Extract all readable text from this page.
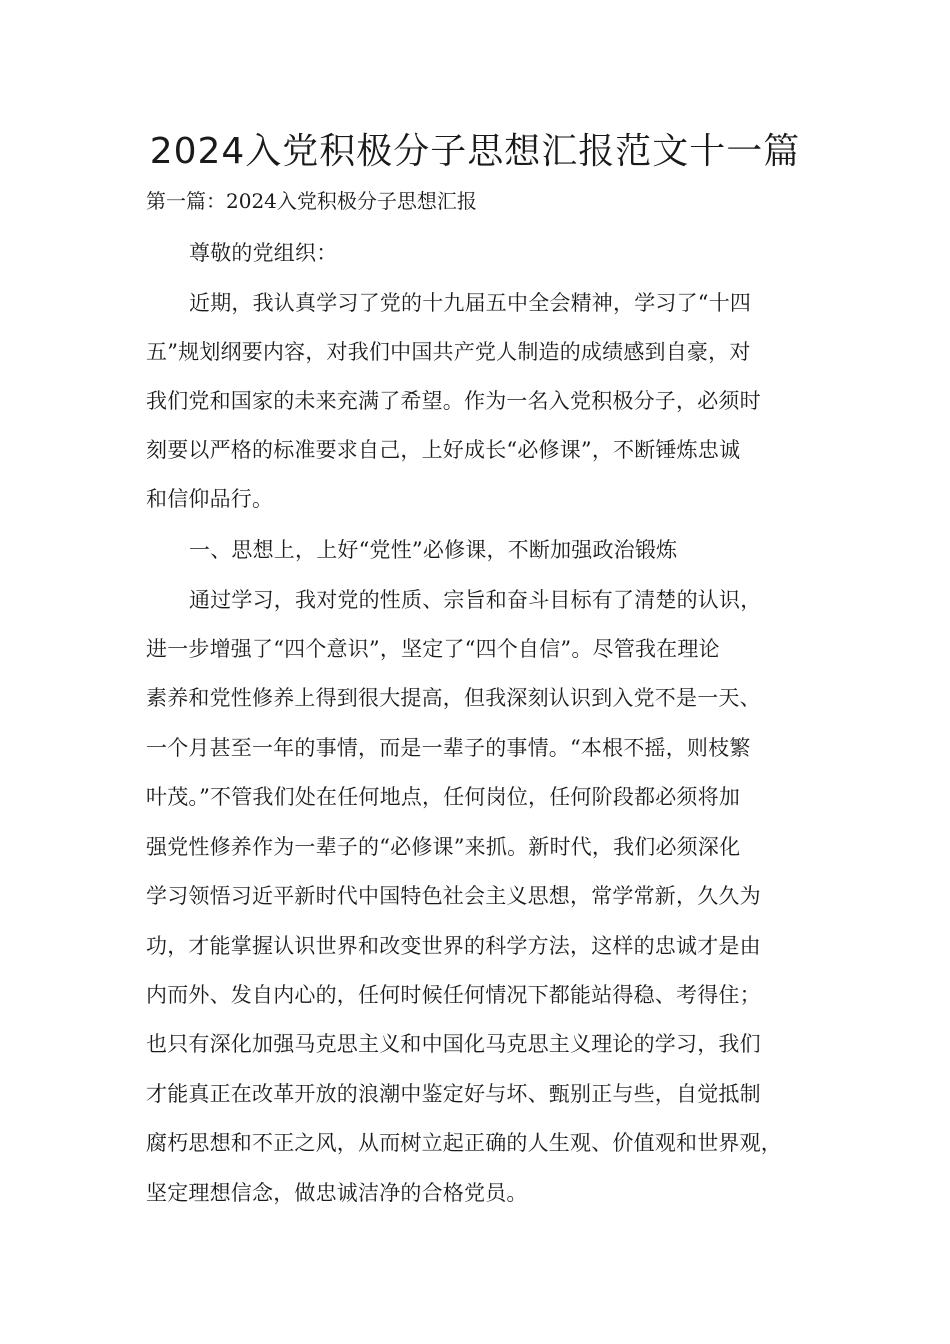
2024入党积极分子思想汇报范文十一篇

第一篇：2024入党积极分子思想汇报

尊敬的党组织：

近期，我认真学习了党的十九届五中全会精神，学习了“十四

五”规划纲要内容，对我们中国共产党人制造的成绩感到自豪，对

我们党和国家的未来充满了希望。作为一名入党积极分子，必须时

刻要以严格的标准要求自己，上好成长“必修课”，不断锤炼忠诚

和信仰品行。

一、思想上，上好“党性”必修课，不断加强政治锻炼

通过学习，我对党的性质、宗旨和奋斗目标有了清楚的认识，

进一步增强了“四个意识”，坚定了“四个自信”。尽管我在理论

素养和党性修养上得到很大提高，但我深刻认识到入党不是一天、

一个月甚至一年的事情，而是一辈子的事情。“本根不摇，则枝繁

叶茂。”不管我们处在任何地点，任何岗位，任何阶段都必须将加

强党性修养作为一辈子的“必修课”来抓。新时代，我们必须深化

学习领悟习近平新时代中国特色社会主义思想，常学常新，久久为

功，才能掌握认识世界和改变世界的科学方法，这样的忠诚才是由

内而外、发自内心的，任何时候任何情况下都能站得稳、考得住；

也只有深化加强马克思主义和中国化马克思主义理论的学习，我们

才能真正在改革开放的浪潮中鉴定好与坏、甄别正与些，自觉抵制

腐朽思想和不正之风，从而树立起正确的人生观、价值观和世界观，

坚定理想信念，做忠诚洁净的合格党员。
